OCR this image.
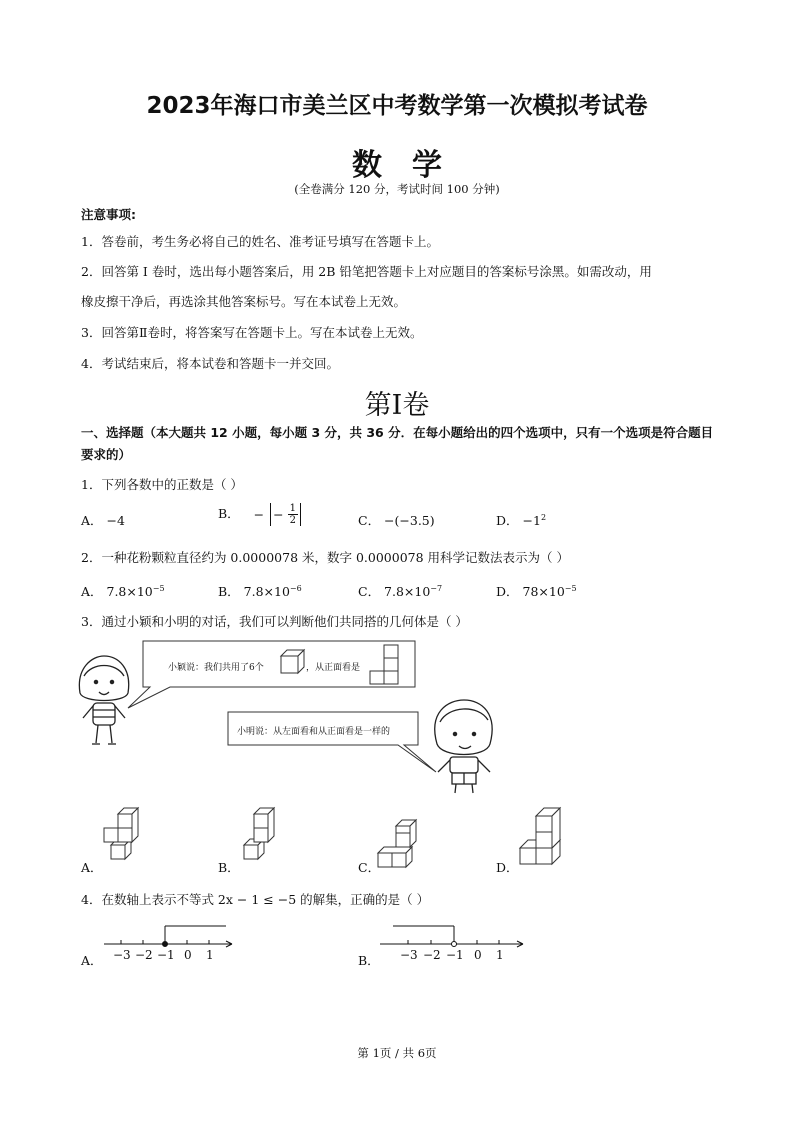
2023年海口市美兰区中考数学第一次模拟考试卷
数学
(全卷满分 120 分，考试时间 100 分钟)
注意事项:
1．答卷前，考生务必将自己的姓名、准考证号填写在答题卡上。
2．回答第 I 卷时，选出每小题答案后，用 2B 铅笔把答题卡上对应题目的答案标号涂黑。如需改动，用
橡皮擦干净后，再选涂其他答案标号。写在本试卷上无效。
3．回答第Ⅱ卷时，将答案写在答题卡上。写在本试卷上无效。
4．考试结束后，将本试卷和答题卡一并交回。
第Ⅰ卷
一、选择题（本大题共 12 小题，每小题 3 分，共 36 分．在每小题给出的四个选项中，只有一个选项是符合题目要求的）
1．下列各数中的正数是（ ）
A． −4	B． − − $\frac{1}{2}$	C． −(−3.5)	D． $-1^2$
2．一种花粉颗粒直径约为 0.0000078 米，数字 0.0000078 用科学记数法表示为（ ）
A． $7.8\times 10^{-5}$	B． $7.8\times 10^{-6}$	C． $7.8\times 10^{-7}$	D． $78\times 10^{-5}$
3．通过小颖和小明的对话，我们可以判断他们共同搭的几何体是（ ）
小颖说：我们共用了6个	，从正面看是
小明说：从左面看和从正面看是一样的
A．	B．	C．	D．
4．在数轴上表示不等式 2x − 1 ≤ −5 的解集，正确的是（ ）
A．	B．
−3 −2 −1 0 1	−3 −2 −1 0 1
第 1页 / 共 6页
